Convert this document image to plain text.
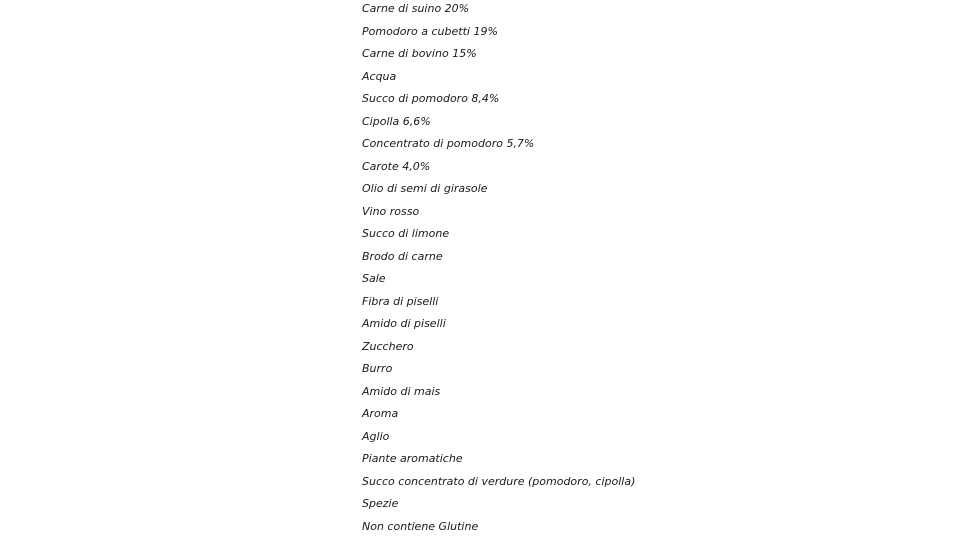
Carne di suino 20%
Pomodoro a cubetti 19%
Carne di bovino 15%
Acqua
Succo di pomodoro 8,4%
Cipolla 6,6%
Concentrato di pomodoro 5,7%
Carote 4,0%
Olio di semi di girasole
Vino rosso
Succo di limone
Brodo di carne
Sale
Fibra di piselli
Amido di piselli
Zucchero
Burro
Amido di mais
Aroma
Aglio
Piante aromatiche
Succo concentrato di verdure (pomodoro, cipolla)
Spezie
Non contiene Glutine
